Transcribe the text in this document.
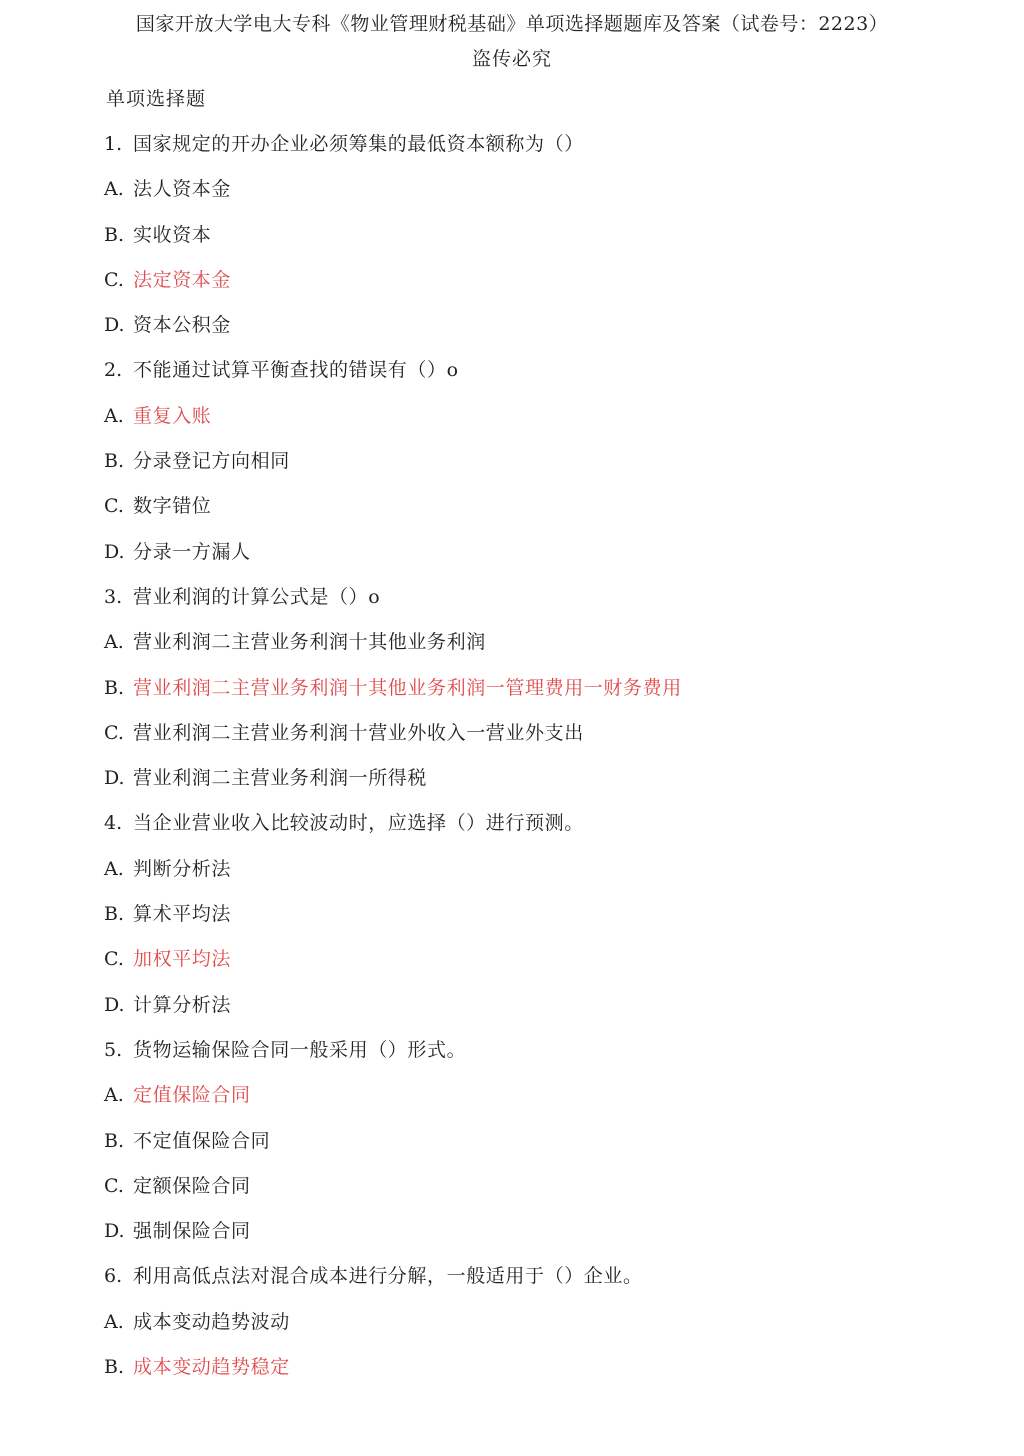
国家开放大学电大专科《物业管理财税基础》单项选择题题库及答案（试卷号：2223）
盗传必究
单项选择题
1. 国家规定的开办企业必须筹集的最低资本额称为（）
A. 法人资本金
B. 实收资本
C. 法定资本金
D. 资本公积金
2. 不能通过试算平衡查找的错误有（）o
A. 重复入账
B. 分录登记方向相同
C. 数字错位
D. 分录一方漏人
3. 营业利润的计算公式是（）o
A. 营业利润二主营业务利润十其他业务利润
B. 营业利润二主营业务利润十其他业务利润一管理费用一财务费用
C. 营业利润二主营业务利润十营业外收入一营业外支出
D. 营业利润二主营业务利润一所得税
4. 当企业营业收入比较波动时，应选择（）进行预测。
A. 判断分析法
B. 算术平均法
C. 加权平均法
D. 计算分析法
5. 货物运输保险合同一般采用（）形式。
A. 定值保险合同
B. 不定值保险合同
C. 定额保险合同
D. 强制保险合同
6. 利用高低点法对混合成本进行分解，一般适用于（）企业。
A. 成本变动趋势波动
B. 成本变动趋势稳定
